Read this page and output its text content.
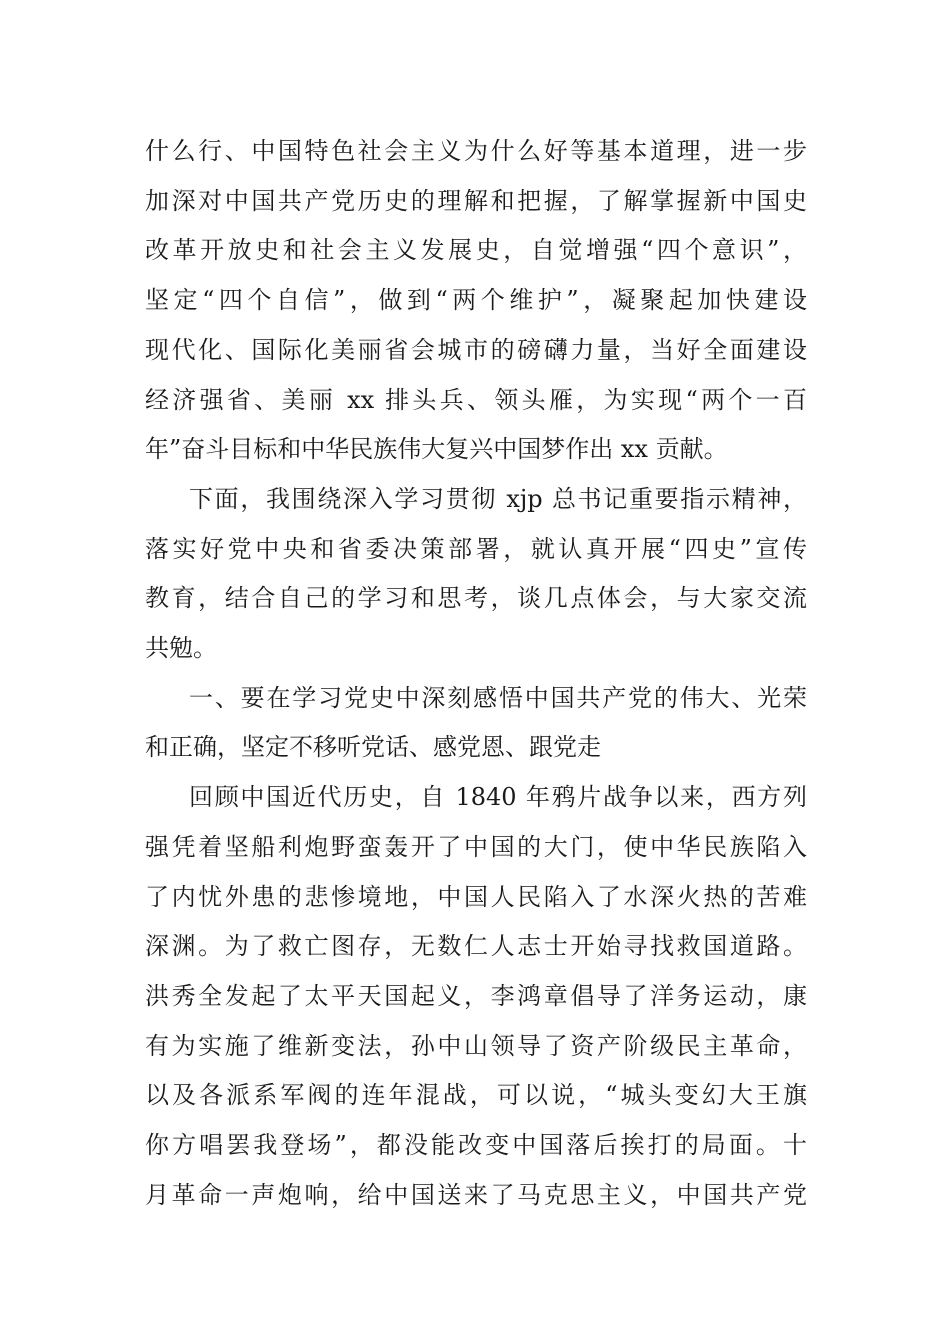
什么行、中国特色社会主义为什么好等基本道理，进一步
加深对中国共产党历史的理解和把握，了解掌握新中国史
改革开放史和社会主义发展史，自觉增强“四个意识”，
坚定“四个自信”，做到“两个维护”，凝聚起加快建设
现代化、国际化美丽省会城市的磅礴力量，当好全面建设
经济强省、美丽 xx 排头兵、领头雁，为实现“两个一百
年”奋斗目标和中华民族伟大复兴中国梦作出 xx 贡献。

下面，我围绕深入学习贯彻 xjp 总书记重要指示精神，
落实好党中央和省委决策部署，就认真开展“四史”宣传
教育，结合自己的学习和思考，谈几点体会，与大家交流
共勉。

一、要在学习党史中深刻感悟中国共产党的伟大、光荣
和正确，坚定不移听党话、感党恩、跟党走

回顾中国近代历史，自 1840 年鸦片战争以来，西方列
强凭着坚船利炮野蛮轰开了中国的大门，使中华民族陷入
了内忧外患的悲惨境地，中国人民陷入了水深火热的苦难
深渊。为了救亡图存，无数仁人志士开始寻找救国道路。
洪秀全发起了太平天国起义，李鸿章倡导了洋务运动，康
有为实施了维新变法，孙中山领导了资产阶级民主革命，
以及各派系军阀的连年混战，可以说，“城头变幻大王旗
你方唱罢我登场”，都没能改变中国落后挨打的局面。十
月革命一声炮响，给中国送来了马克思主义，中国共产党
